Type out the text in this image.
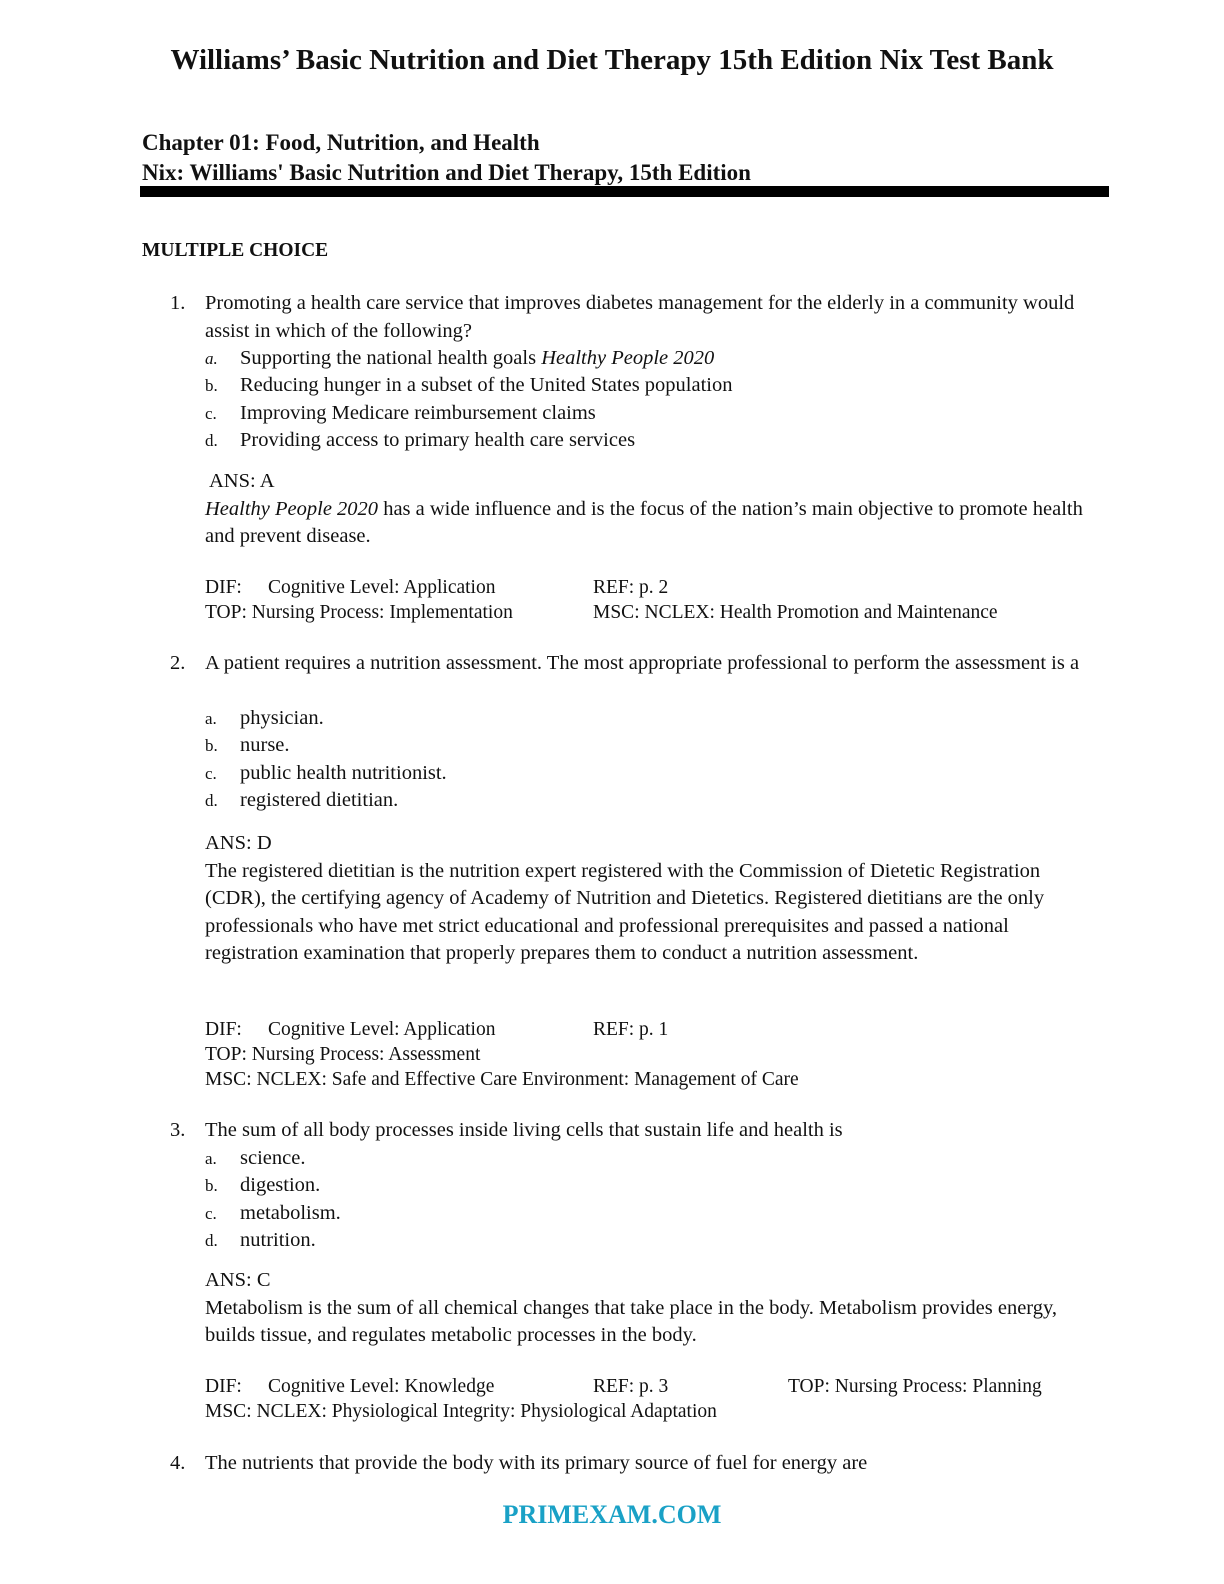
Williams’ Basic Nutrition and Diet Therapy 15th Edition Nix Test Bank
Chapter 01: Food, Nutrition, and Health
Nix: Williams' Basic Nutrition and Diet Therapy, 15th Edition
MULTIPLE CHOICE
1. Promoting a health care service that improves diabetes management for the elderly in a community would assist in which of the following?
a.	Supporting the national health goals Healthy People 2020
b.	Reducing hunger in a subset of the United States population
c.	Improving Medicare reimbursement claims
d.	Providing access to primary health care services
ANS: A
Healthy People 2020 has a wide influence and is the focus of the nation’s main objective to promote health and prevent disease.
DIF: Cognitive Level: Application	REF: p. 2
TOP: Nursing Process: Implementation	MSC: NCLEX: Health Promotion and Maintenance
2. A patient requires a nutrition assessment. The most appropriate professional to perform the assessment is a
a.	physician.
b.	nurse.
c.	public health nutritionist.
d.	registered dietitian.
ANS: D
The registered dietitian is the nutrition expert registered with the Commission of Dietetic Registration (CDR), the certifying agency of Academy of Nutrition and Dietetics. Registered dietitians are the only professionals who have met strict educational and professional prerequisites and passed a national registration examination that properly prepares them to conduct a nutrition assessment.
DIF: Cognitive Level: Application	REF: p. 1
TOP: Nursing Process: Assessment
MSC: NCLEX: Safe and Effective Care Environment: Management of Care
3. The sum of all body processes inside living cells that sustain life and health is
a.	science.
b.	digestion.
c.	metabolism.
d.	nutrition.
ANS: C
Metabolism is the sum of all chemical changes that take place in the body. Metabolism provides energy, builds tissue, and regulates metabolic processes in the body.
DIF: Cognitive Level: Knowledge	REF: p. 3	TOP: Nursing Process: Planning
MSC: NCLEX: Physiological Integrity: Physiological Adaptation
4. The nutrients that provide the body with its primary source of fuel for energy are
PRIMEXAM.COM
